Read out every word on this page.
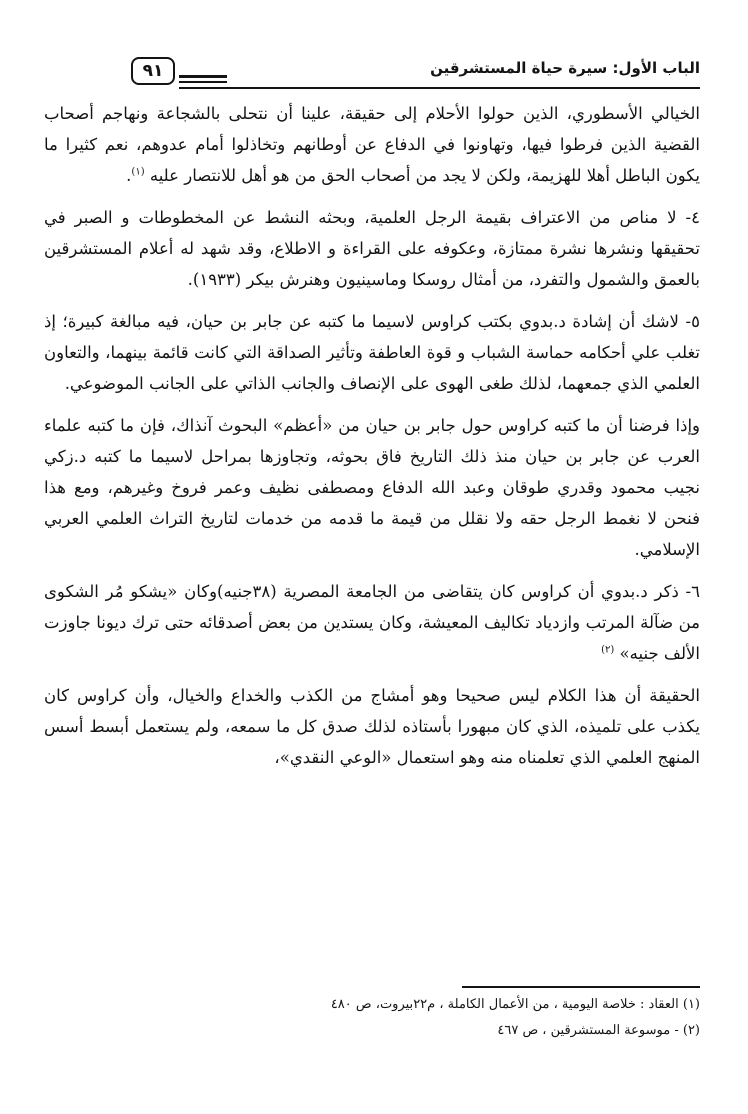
٩١	الباب الأول: سيرة حياة المستشرقين

الخيالي الأسطوري، الذين حولوا الأحلام إلى حقيقة، علينا أن نتحلى بالشجاعة ونهاجم أصحاب القضية الذين فرطوا فيها، وتهاونوا في الدفاع عن أوطانهم وتخاذلوا أمام عدوهم، نعم كثيرا ما يكون الباطل أهلا للهزيمة، ولكن لا يجد من أصحاب الحق من هو أهل للانتصار عليه $^{(١)}$.

٤- لا مناص من الاعتراف بقيمة الرجل العلمية، وبحثه النشط عن المخطوطات و الصبر في تحقيقها ونشرها نشرة ممتازة، وعكوفه على القراءة و الاطلاع، وقد شهد له أعلام المستشرقين بالعمق والشمول والتفرد، من أمثال روسكا وماسينيون وهنرش بيكر (١٩٣٣).

٥- لاشك أن إشادة د.بدوي بكتب كراوس لاسيما ما كتبه عن جابر بن حيان، فيه مبالغة كبيرة؛ إذ تغلب علي أحكامه حماسة الشباب و قوة العاطفة وتأثير الصداقة التي كانت قائمة بينهما، والتعاون العلمي الذي جمعهما، لذلك طغى الهوى على الإنصاف والجانب الذاتي على الجانب الموضوعي.

وإذا فرضنا أن ما كتبه كراوس حول جابر بن حيان من «أعظم» البحوث آنذاك، فإن ما كتبه علماء العرب عن جابر بن حيان منذ ذلك التاريخ فاق بحوثه، وتجاوزها بمراحل لاسيما ما كتبه د.زكي نجيب محمود وقدري طوقان وعبد الله الدفاع ومصطفى نظيف وعمر فروخ وغيرهم، ومع هذا فنحن لا نغمط الرجل حقه ولا نقلل من قيمة ما قدمه من خدمات لتاريخ التراث العلمي العربي الإسلامي.

٦- ذكر د.بدوي أن كراوس كان يتقاضى من الجامعة المصرية (٣٨جنيه)وكان «يشكو مُر الشكوى من ضآلة المرتب وازدياد تكاليف المعيشة، وكان يستدين من بعض أصدقائه حتى ترك ديونا جاوزت الألف جنيه» $^{(٢)}$

الحقيقة أن هذا الكلام ليس صحيحا وهو أمشاج من الكذب والخداع والخيال، وأن كراوس كان يكذب على تلميذه، الذي كان مبهورا بأستاذه لذلك صدق كل ما سمعه، ولم يستعمل أبسط أسس المنهج العلمي الذي تعلمناه منه وهو استعمال «الوعي النقدي»،

(١) العقاد : خلاصة اليومية ، من الأعمال الكاملة ، م٢٢بيروت، ص ٤٨٠

(٢) - موسوعة المستشرقين ، ص ٤٦٧
